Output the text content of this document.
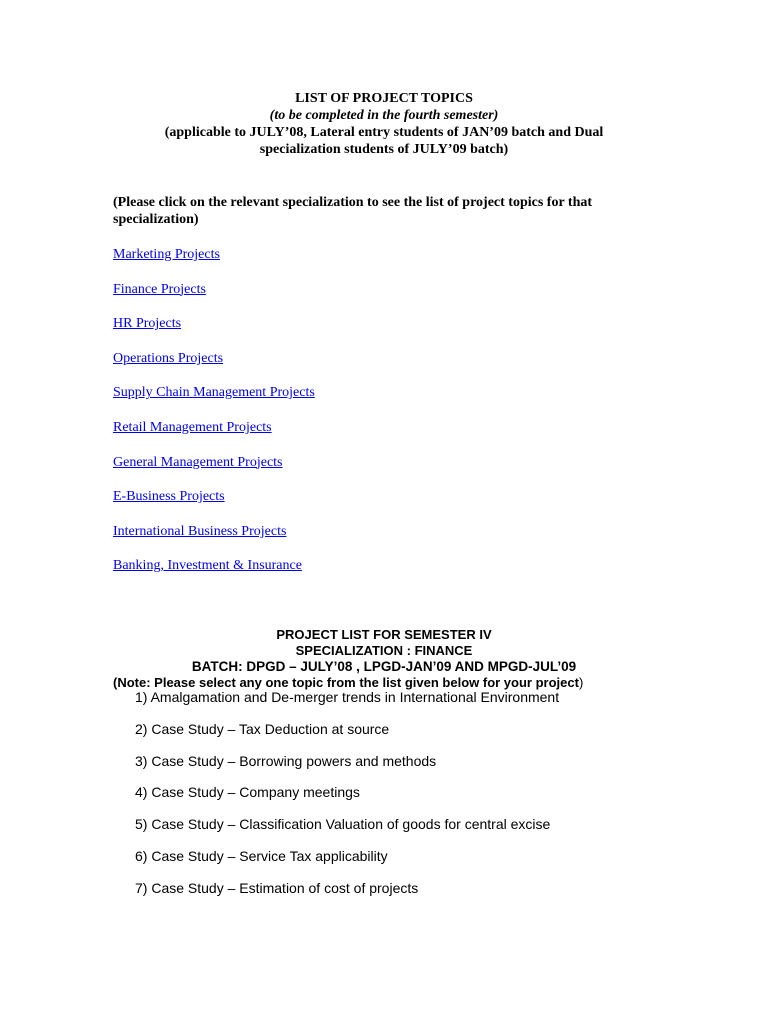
LIST OF PROJECT TOPICS
(to be completed in the fourth semester)
(applicable to JULY’08, Lateral entry students of JAN’09 batch and Dual
specialization students of JULY’09 batch)
(Please click on the relevant specialization to see the list of project topics for that specialization)
Marketing Projects
Finance Projects
HR Projects
Operations Projects
Supply Chain Management Projects
Retail Management Projects
General Management Projects
E-Business Projects
International Business Projects
Banking, Investment & Insurance
PROJECT LIST FOR SEMESTER IV
SPECIALIZATION : FINANCE
BATCH: DPGD – JULY’08 , LPGD-JAN’09 AND MPGD-JUL’09
(Note: Please select any one topic from the list given below for your project)
1) Amalgamation and De-merger trends in International Environment
2) Case Study – Tax Deduction at source
3) Case Study – Borrowing powers and methods
4) Case Study – Company meetings
5) Case Study – Classification Valuation of goods for central excise
6) Case Study – Service Tax applicability
7) Case Study – Estimation of cost of projects
